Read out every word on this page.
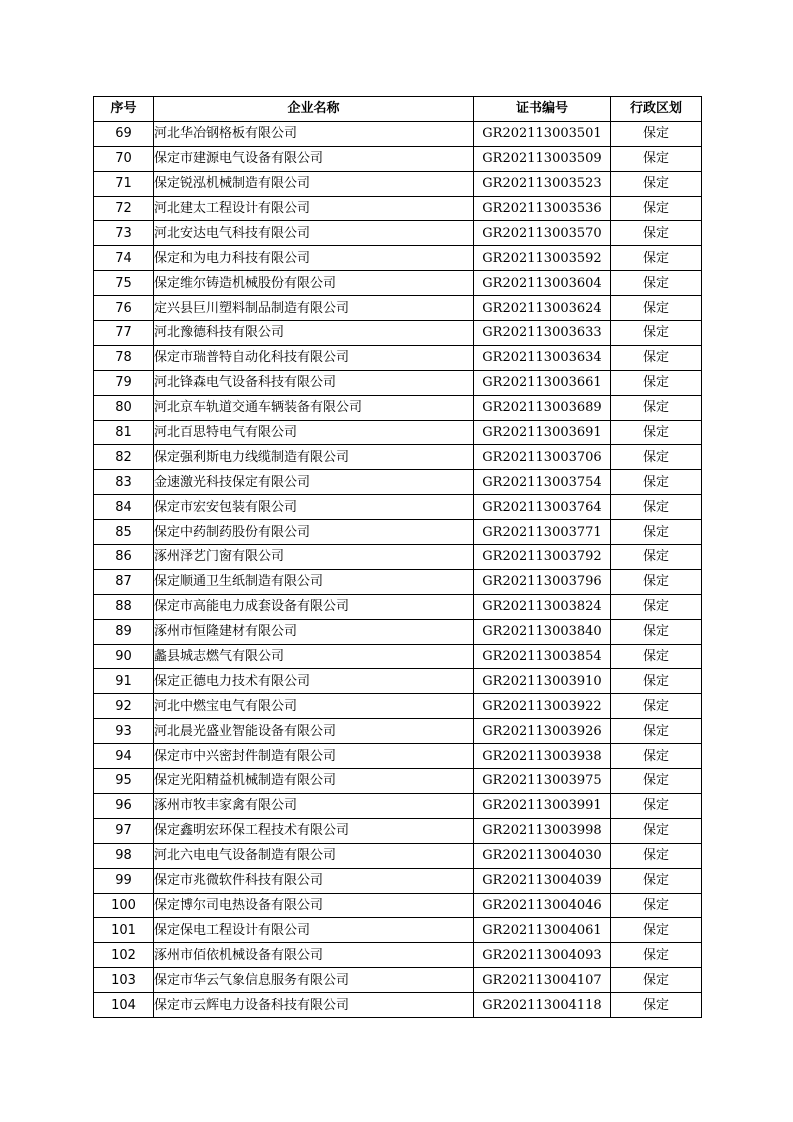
序号	企业名称	证书编号	行政区划
69	河北华冶钢格板有限公司	GR202113003501	保定
70	保定市建源电气设备有限公司	GR202113003509	保定
71	保定锐泓机械制造有限公司	GR202113003523	保定
72	河北建太工程设计有限公司	GR202113003536	保定
73	河北安达电气科技有限公司	GR202113003570	保定
74	保定和为电力科技有限公司	GR202113003592	保定
75	保定维尔铸造机械股份有限公司	GR202113003604	保定
76	定兴县巨川塑料制品制造有限公司	GR202113003624	保定
77	河北豫德科技有限公司	GR202113003633	保定
78	保定市瑞普特自动化科技有限公司	GR202113003634	保定
79	河北锋森电气设备科技有限公司	GR202113003661	保定
80	河北京车轨道交通车辆装备有限公司	GR202113003689	保定
81	河北百思特电气有限公司	GR202113003691	保定
82	保定强利斯电力线缆制造有限公司	GR202113003706	保定
83	金速激光科技保定有限公司	GR202113003754	保定
84	保定市宏安包装有限公司	GR202113003764	保定
85	保定中药制药股份有限公司	GR202113003771	保定
86	涿州泽艺门窗有限公司	GR202113003792	保定
87	保定顺通卫生纸制造有限公司	GR202113003796	保定
88	保定市高能电力成套设备有限公司	GR202113003824	保定
89	涿州市恒隆建材有限公司	GR202113003840	保定
90	蠡县城志燃气有限公司	GR202113003854	保定
91	保定正德电力技术有限公司	GR202113003910	保定
92	河北中燃宝电气有限公司	GR202113003922	保定
93	河北晨光盛业智能设备有限公司	GR202113003926	保定
94	保定市中兴密封件制造有限公司	GR202113003938	保定
95	保定光阳精益机械制造有限公司	GR202113003975	保定
96	涿州市牧丰家禽有限公司	GR202113003991	保定
97	保定鑫明宏环保工程技术有限公司	GR202113003998	保定
98	河北六电电气设备制造有限公司	GR202113004030	保定
99	保定市兆微软件科技有限公司	GR202113004039	保定
100	保定博尔司电热设备有限公司	GR202113004046	保定
101	保定保电工程设计有限公司	GR202113004061	保定
102	涿州市佰依机械设备有限公司	GR202113004093	保定
103	保定市华云气象信息服务有限公司	GR202113004107	保定
104	保定市云辉电力设备科技有限公司	GR202113004118	保定
